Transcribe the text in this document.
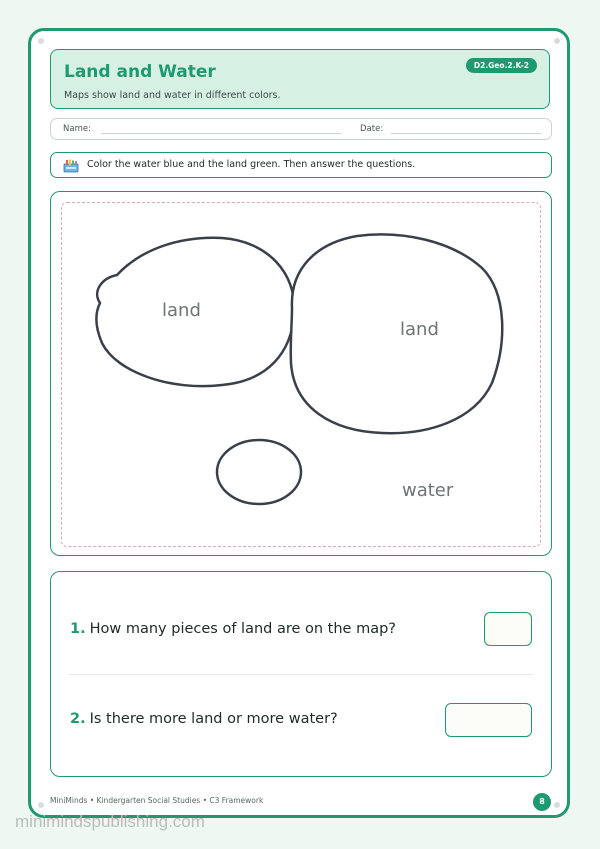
Land and Water
Maps show land and water in different colors.
D2.Geo.2.K-2
Name:	Date:
Color the water blue and the land green. Then answer the questions.
land
land
water
1. How many pieces of land are on the map?
2. Is there more land or more water?
MiniMinds • Kindergarten Social Studies • C3 Framework	8
minimindspublishing.com
